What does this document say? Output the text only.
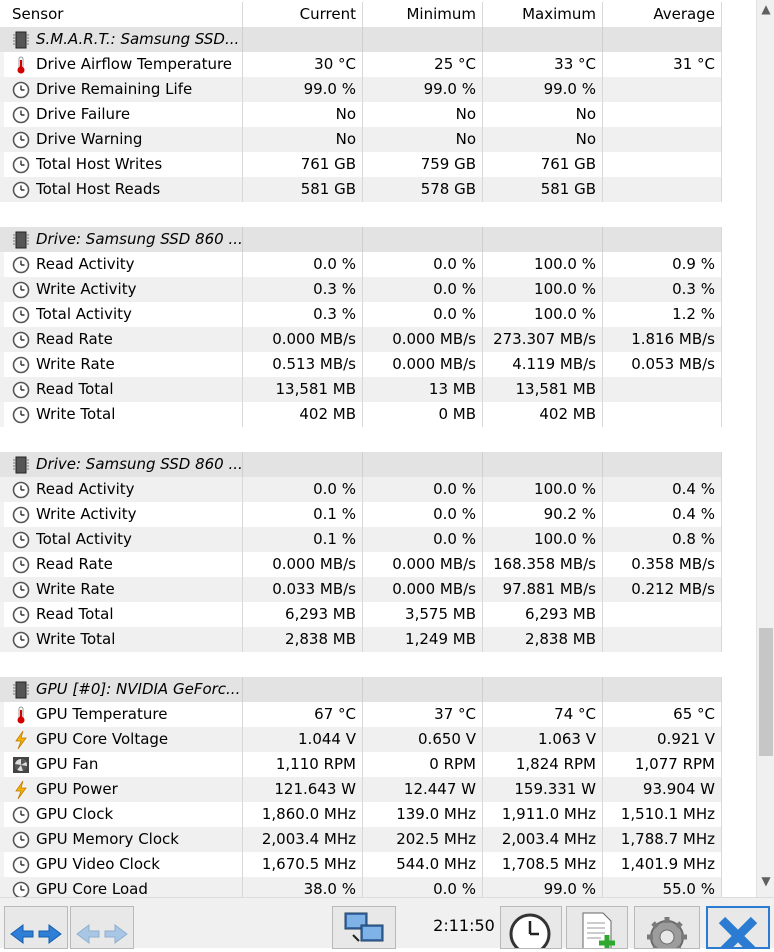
Sensor	Current	Minimum	Maximum	Average
S.M.A.R.T.: Samsung SSD...
Drive Airflow Temperature	30 °C	25 °C	33 °C	31 °C
Drive Remaining Life	99.0 %	99.0 %	99.0 %
Drive Failure	No	No	No
Drive Warning	No	No	No
Total Host Writes	761 GB	759 GB	761 GB
Total Host Reads	581 GB	578 GB	581 GB
Drive: Samsung SSD 860 ...
Read Activity	0.0 %	0.0 %	100.0 %	0.9 %
Write Activity	0.3 %	0.0 %	100.0 %	0.3 %
Total Activity	0.3 %	0.0 %	100.0 %	1.2 %
Read Rate	0.000 MB/s	0.000 MB/s	273.307 MB/s	1.816 MB/s
Write Rate	0.513 MB/s	0.000 MB/s	4.119 MB/s	0.053 MB/s
Read Total	13,581 MB	13 MB	13,581 MB
Write Total	402 MB	0 MB	402 MB
Drive: Samsung SSD 860 ...
Read Activity	0.0 %	0.0 %	100.0 %	0.4 %
Write Activity	0.1 %	0.0 %	90.2 %	0.4 %
Total Activity	0.1 %	0.0 %	100.0 %	0.8 %
Read Rate	0.000 MB/s	0.000 MB/s	168.358 MB/s	0.358 MB/s
Write Rate	0.033 MB/s	0.000 MB/s	97.881 MB/s	0.212 MB/s
Read Total	6,293 MB	3,575 MB	6,293 MB
Write Total	2,838 MB	1,249 MB	2,838 MB
GPU [#0]: NVIDIA GeForc...
GPU Temperature	67 °C	37 °C	74 °C	65 °C
GPU Core Voltage	1.044 V	0.650 V	1.063 V	0.921 V
GPU Fan	1,110 RPM	0 RPM	1,824 RPM	1,077 RPM
GPU Power	121.643 W	12.447 W	159.331 W	93.904 W
GPU Clock	1,860.0 MHz	139.0 MHz	1,911.0 MHz	1,510.1 MHz
GPU Memory Clock	2,003.4 MHz	202.5 MHz	2,003.4 MHz	1,788.7 MHz
GPU Video Clock	1,670.5 MHz	544.0 MHz	1,708.5 MHz	1,401.9 MHz
GPU Core Load	38.0 %	0.0 %	99.0 %	55.0 %
▲
▼
2:11:50
